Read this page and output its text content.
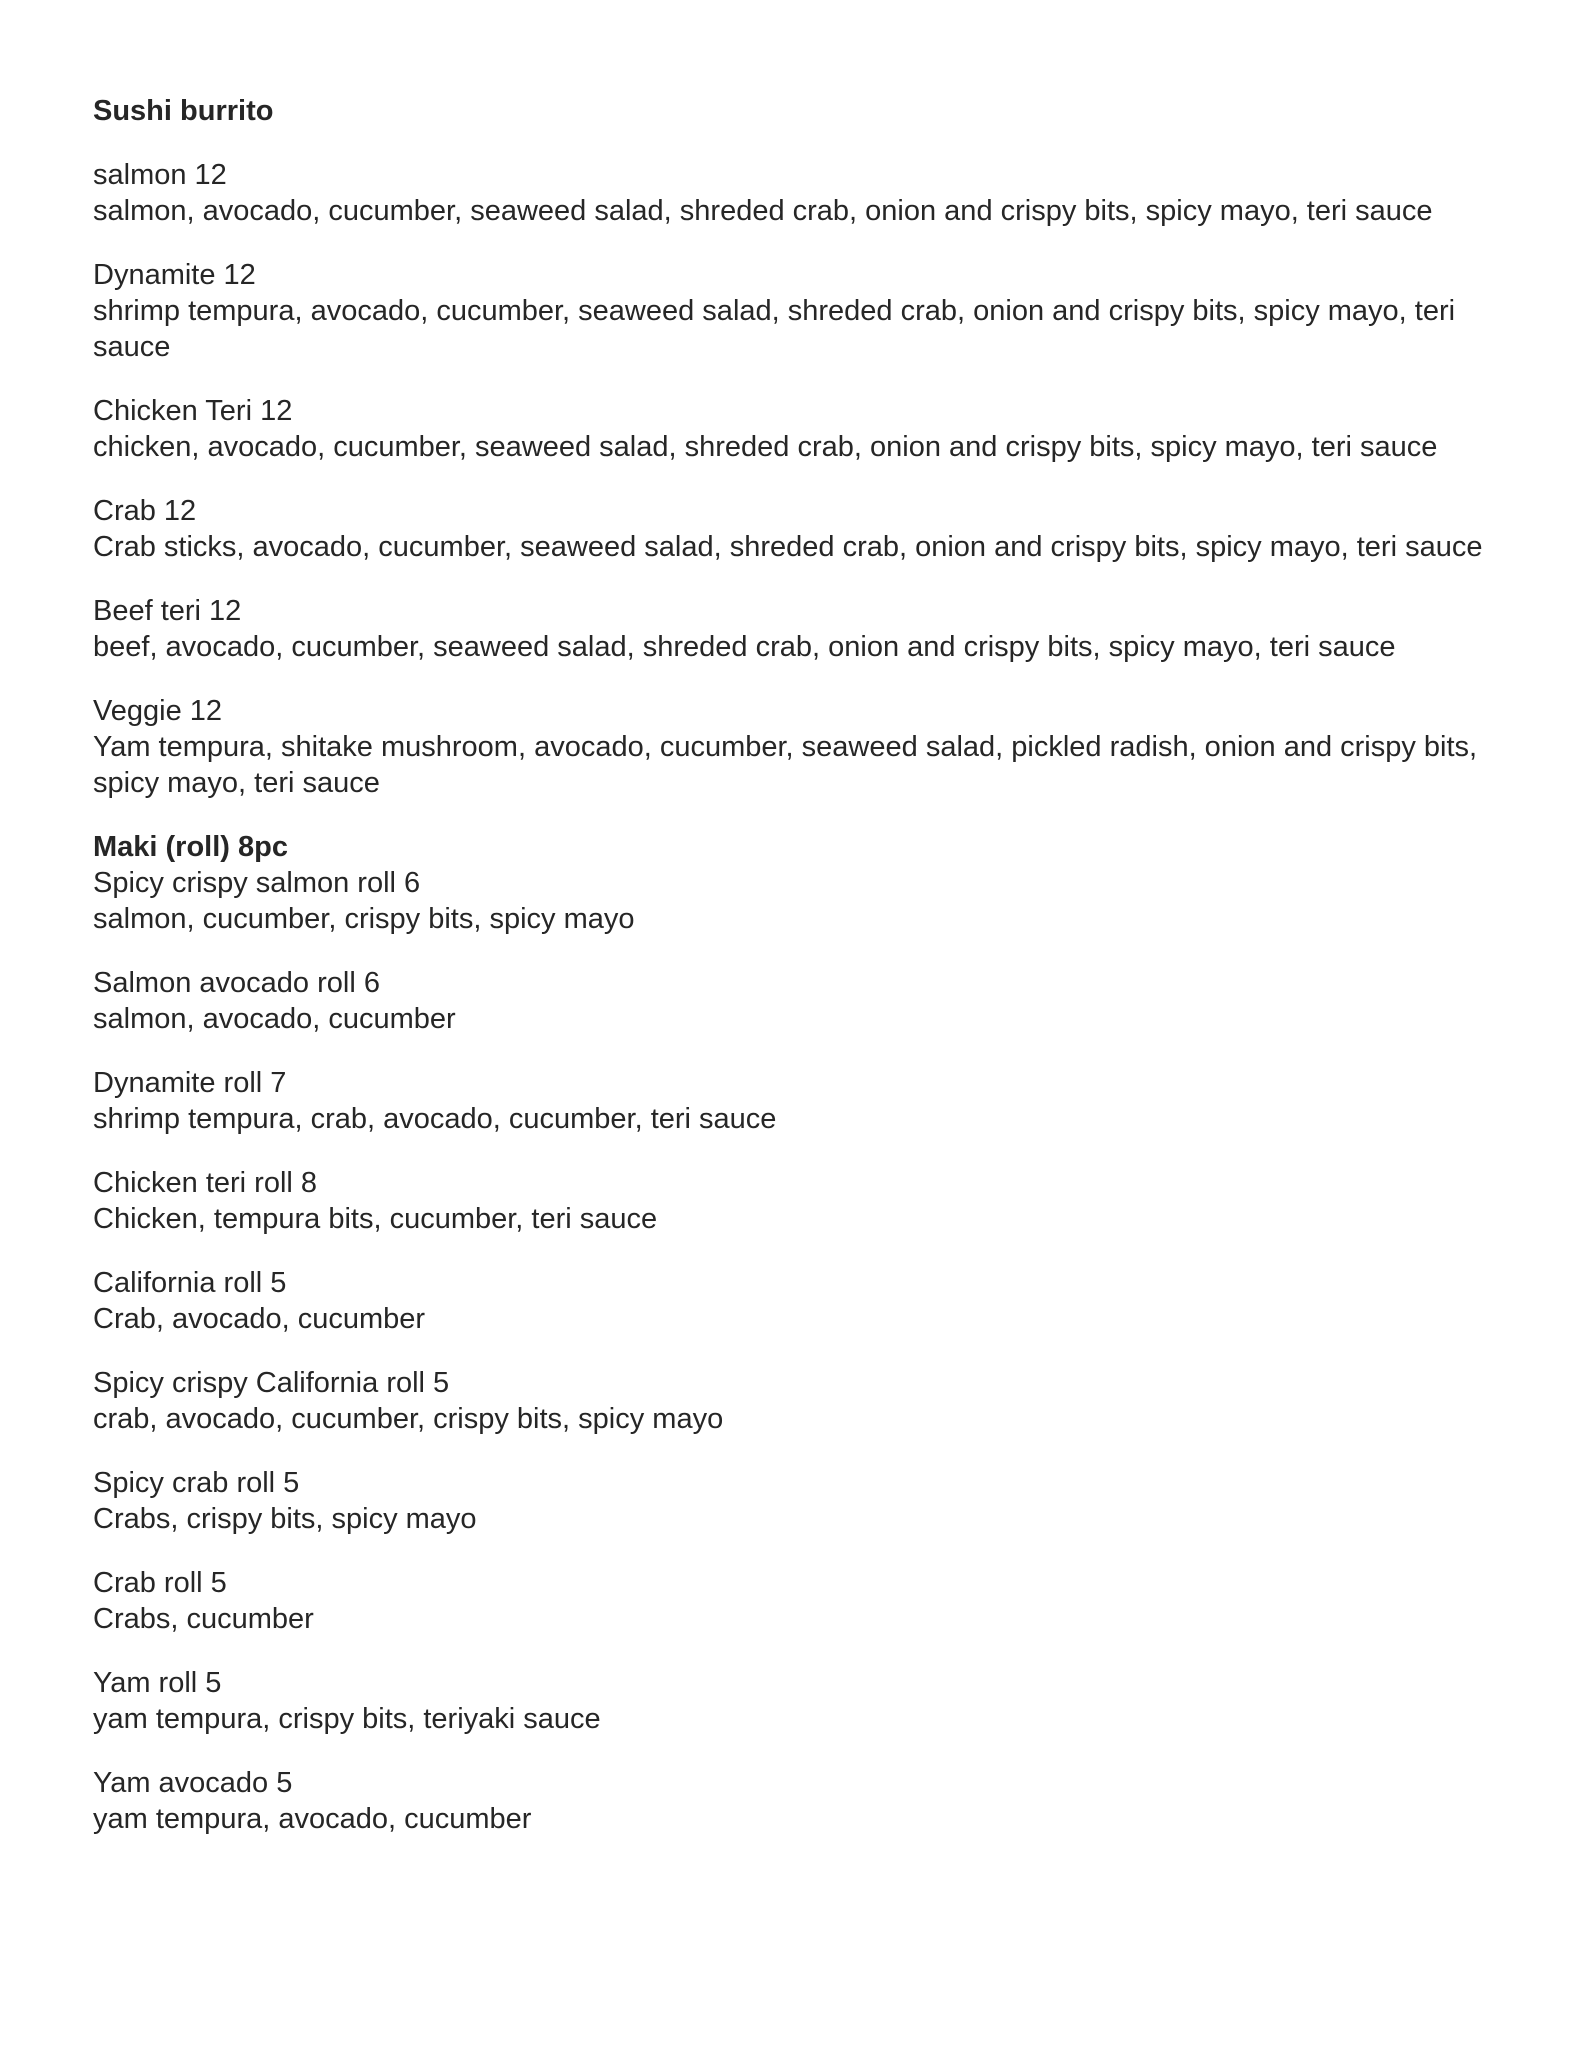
Sushi burrito
salmon 12
salmon, avocado, cucumber, seaweed salad, shreded crab, onion and crispy bits, spicy mayo, teri sauce
Dynamite 12
shrimp tempura, avocado, cucumber, seaweed salad, shreded crab, onion and crispy bits, spicy mayo, teri sauce
Chicken Teri 12
chicken, avocado, cucumber, seaweed salad, shreded crab, onion and crispy bits, spicy mayo, teri sauce
Crab 12
Crab sticks, avocado, cucumber, seaweed salad, shreded crab, onion and crispy bits, spicy mayo, teri sauce
Beef teri 12
beef, avocado, cucumber, seaweed salad, shreded crab, onion and crispy bits, spicy mayo, teri sauce
Veggie 12
Yam tempura, shitake mushroom, avocado, cucumber, seaweed salad, pickled radish, onion and crispy bits, spicy mayo, teri sauce
Maki (roll) 8pc
Spicy crispy salmon roll 6
salmon, cucumber, crispy bits, spicy mayo
Salmon avocado roll 6
salmon, avocado, cucumber
Dynamite roll 7
shrimp tempura, crab, avocado, cucumber, teri sauce
Chicken teri roll 8
Chicken, tempura bits, cucumber, teri sauce
California roll 5
Crab, avocado, cucumber
Spicy crispy California roll 5
crab, avocado, cucumber, crispy bits, spicy mayo
Spicy crab roll 5
Crabs, crispy bits, spicy mayo
Crab roll 5
Crabs, cucumber
Yam roll 5
yam tempura, crispy bits, teriyaki sauce
Yam avocado 5
yam tempura, avocado, cucumber
